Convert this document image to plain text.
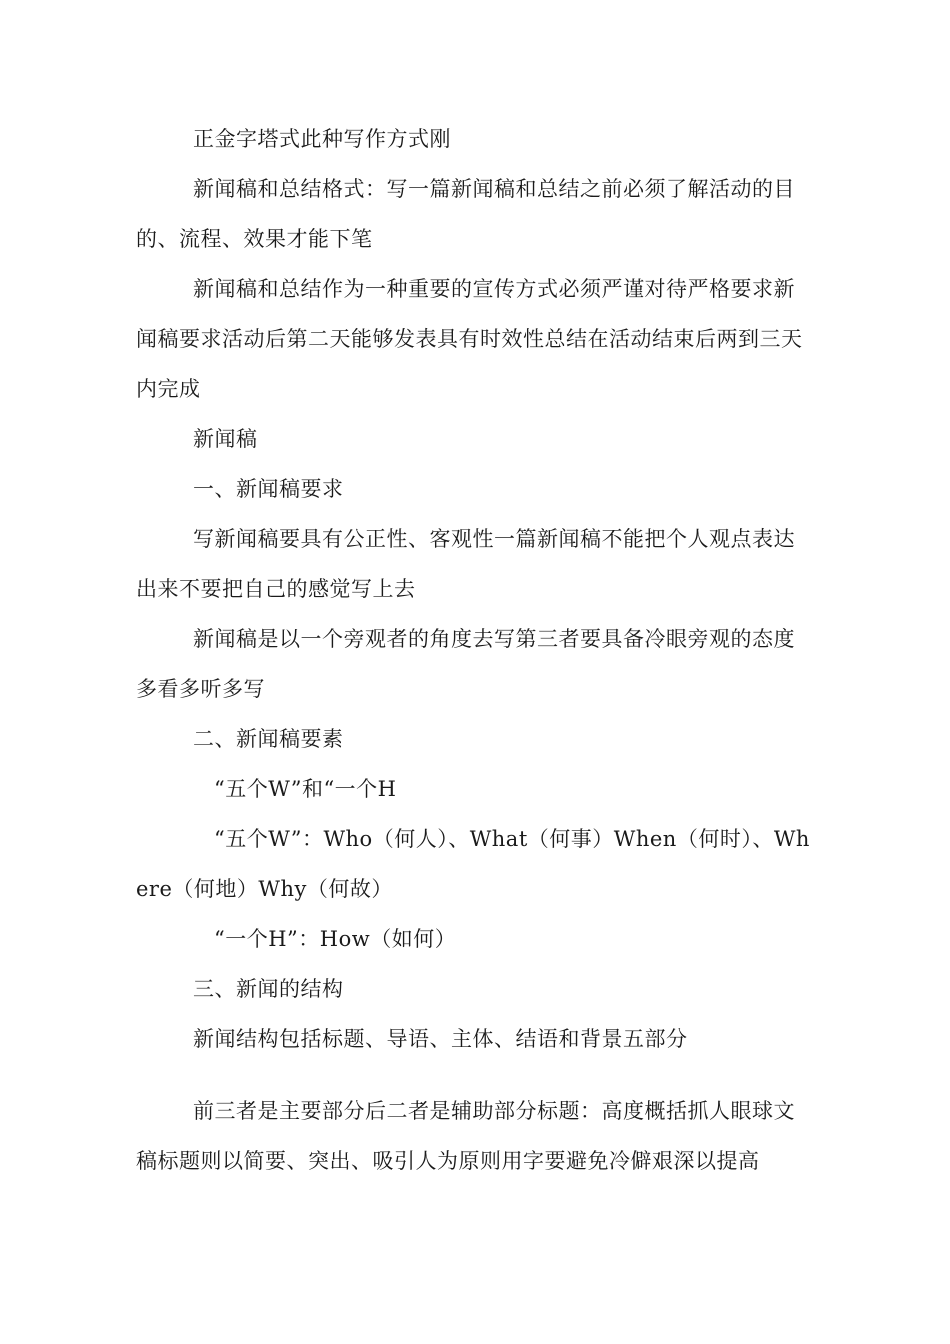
正金字塔式此种写作方式刚

新闻稿和总结格式：写一篇新闻稿和总结之前必须了解活动的目的、流程、效果才能下笔

新闻稿和总结作为一种重要的宣传方式必须严谨对待严格要求新闻稿要求活动后第二天能够发表具有时效性总结在活动结束后两到三天内完成

新闻稿

一、新闻稿要求

写新闻稿要具有公正性、客观性一篇新闻稿不能把个人观点表达出来不要把自己的感觉写上去

新闻稿是以一个旁观者的角度去写第三者要具备冷眼旁观的态度多看多听多写

二、新闻稿要素

“五个W”和“一个H

“五个W”：Who（何人）、What（何事）When（何时）、Where（何地）Why（何故）

“一个H”：How（如何）

三、新闻的结构

新闻结构包括标题、导语、主体、结语和背景五部分

前三者是主要部分后二者是辅助部分标题：高度概括抓人眼球文稿标题则以简要、突出、吸引人为原则用字要避免冷僻艰深以提高
